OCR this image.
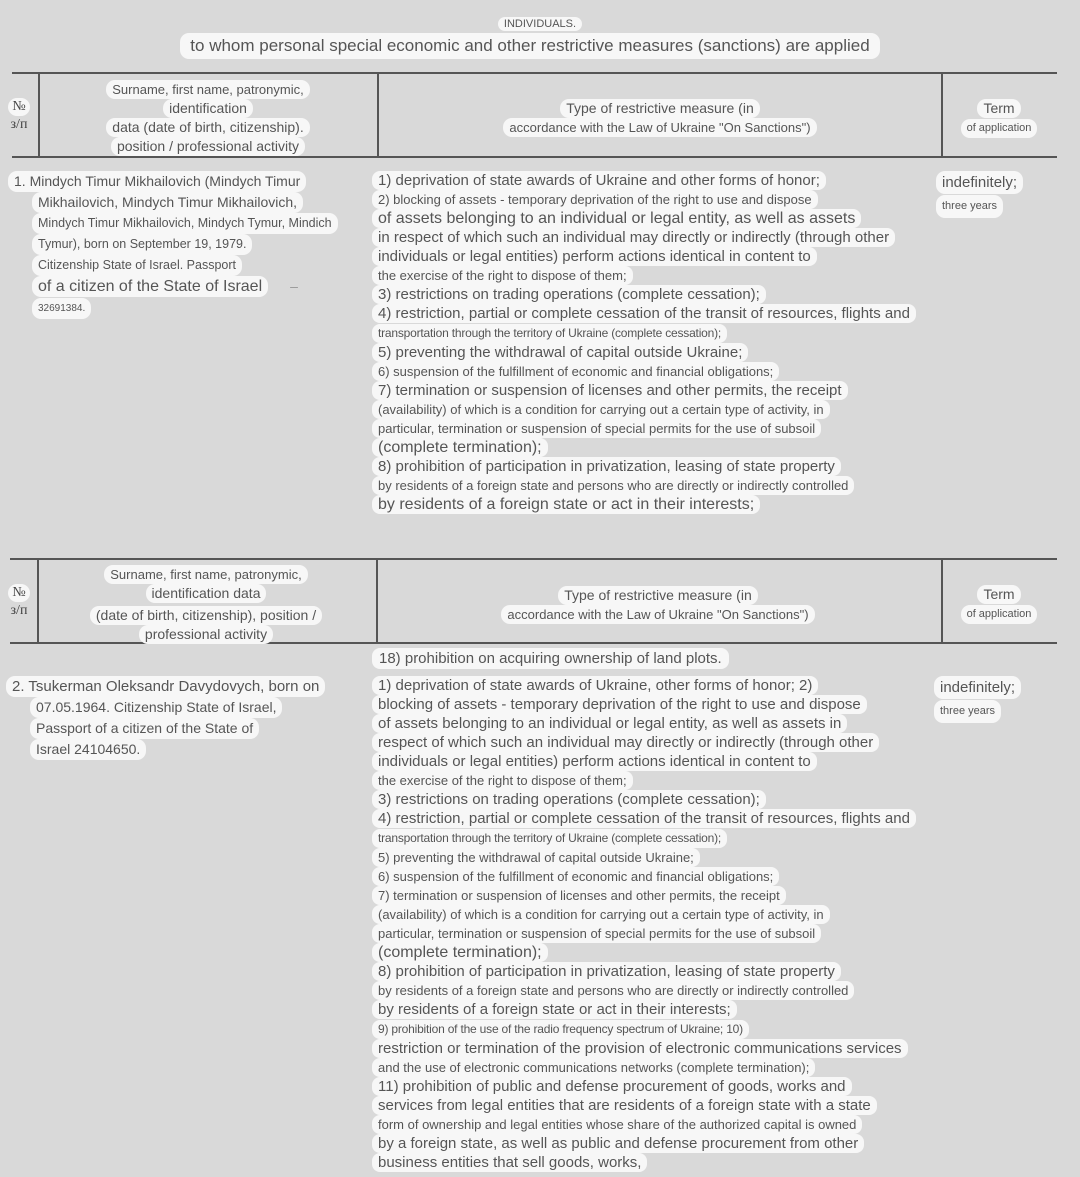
INDIVIDUALS.
to whom personal special economic and other restrictive measures (sanctions) are applied
№
з/п
Surname, first name, patronymic,
identification
data (date of birth, citizenship).
position / professional activity
Type of restrictive measure (in
accordance with the Law of Ukraine "On Sanctions")
Term
of application
1. Mindych Timur Mikhailovich (Mindych Timur
Mikhailovich, Mindych Timur Mikhailovich,
Mindych Timur Mikhailovich, Mindych Tymur, Mindich
Tymur), born on September 19, 1979.
Citizenship State of Israel. Passport
of a citizen of the State of Israel –
32691384.
1) deprivation of state awards of Ukraine and other forms of honor;
2) blocking of assets - temporary deprivation of the right to use and dispose
of assets belonging to an individual or legal entity, as well as assets
in respect of which such an individual may directly or indirectly (through other
individuals or legal entities) perform actions identical in content to
the exercise of the right to dispose of them;
3) restrictions on trading operations (complete cessation);
4) restriction, partial or complete cessation of the transit of resources, flights and
transportation through the territory of Ukraine (complete cessation);
5) preventing the withdrawal of capital outside Ukraine;
6) suspension of the fulfillment of economic and financial obligations;
7) termination or suspension of licenses and other permits, the receipt
(availability) of which is a condition for carrying out a certain type of activity, in
particular, termination or suspension of special permits for the use of subsoil
(complete termination);
8) prohibition of participation in privatization, leasing of state property
by residents of a foreign state and persons who are directly or indirectly controlled
by residents of a foreign state or act in their interests;
indefinitely;
three years
№
з/п
Surname, first name, patronymic,
identification data
(date of birth, citizenship), position /
professional activity
Type of restrictive measure (in
accordance with the Law of Ukraine "On Sanctions")
Term
of application
18) prohibition on acquiring ownership of land plots.
2. Tsukerman Oleksandr Davydovych, born on
07.05.1964. Citizenship State of Israel,
Passport of a citizen of the State of
Israel 24104650.
1) deprivation of state awards of Ukraine, other forms of honor; 2)
blocking of assets - temporary deprivation of the right to use and dispose
of assets belonging to an individual or legal entity, as well as assets in
respect of which such an individual may directly or indirectly (through other
individuals or legal entities) perform actions identical in content to
the exercise of the right to dispose of them;
3) restrictions on trading operations (complete cessation);
4) restriction, partial or complete cessation of the transit of resources, flights and
transportation through the territory of Ukraine (complete cessation);
5) preventing the withdrawal of capital outside Ukraine;
6) suspension of the fulfillment of economic and financial obligations;
7) termination or suspension of licenses and other permits, the receipt
(availability) of which is a condition for carrying out a certain type of activity, in
particular, termination or suspension of special permits for the use of subsoil
(complete termination);
8) prohibition of participation in privatization, leasing of state property
by residents of a foreign state and persons who are directly or indirectly controlled
by residents of a foreign state or act in their interests;
9) prohibition of the use of the radio frequency spectrum of Ukraine; 10)
restriction or termination of the provision of electronic communications services
and the use of electronic communications networks (complete termination);
11) prohibition of public and defense procurement of goods, works and
services from legal entities that are residents of a foreign state with a state
form of ownership and legal entities whose share of the authorized capital is owned
by a foreign state, as well as public and defense procurement from other
business entities that sell goods, works,
indefinitely;
three years
